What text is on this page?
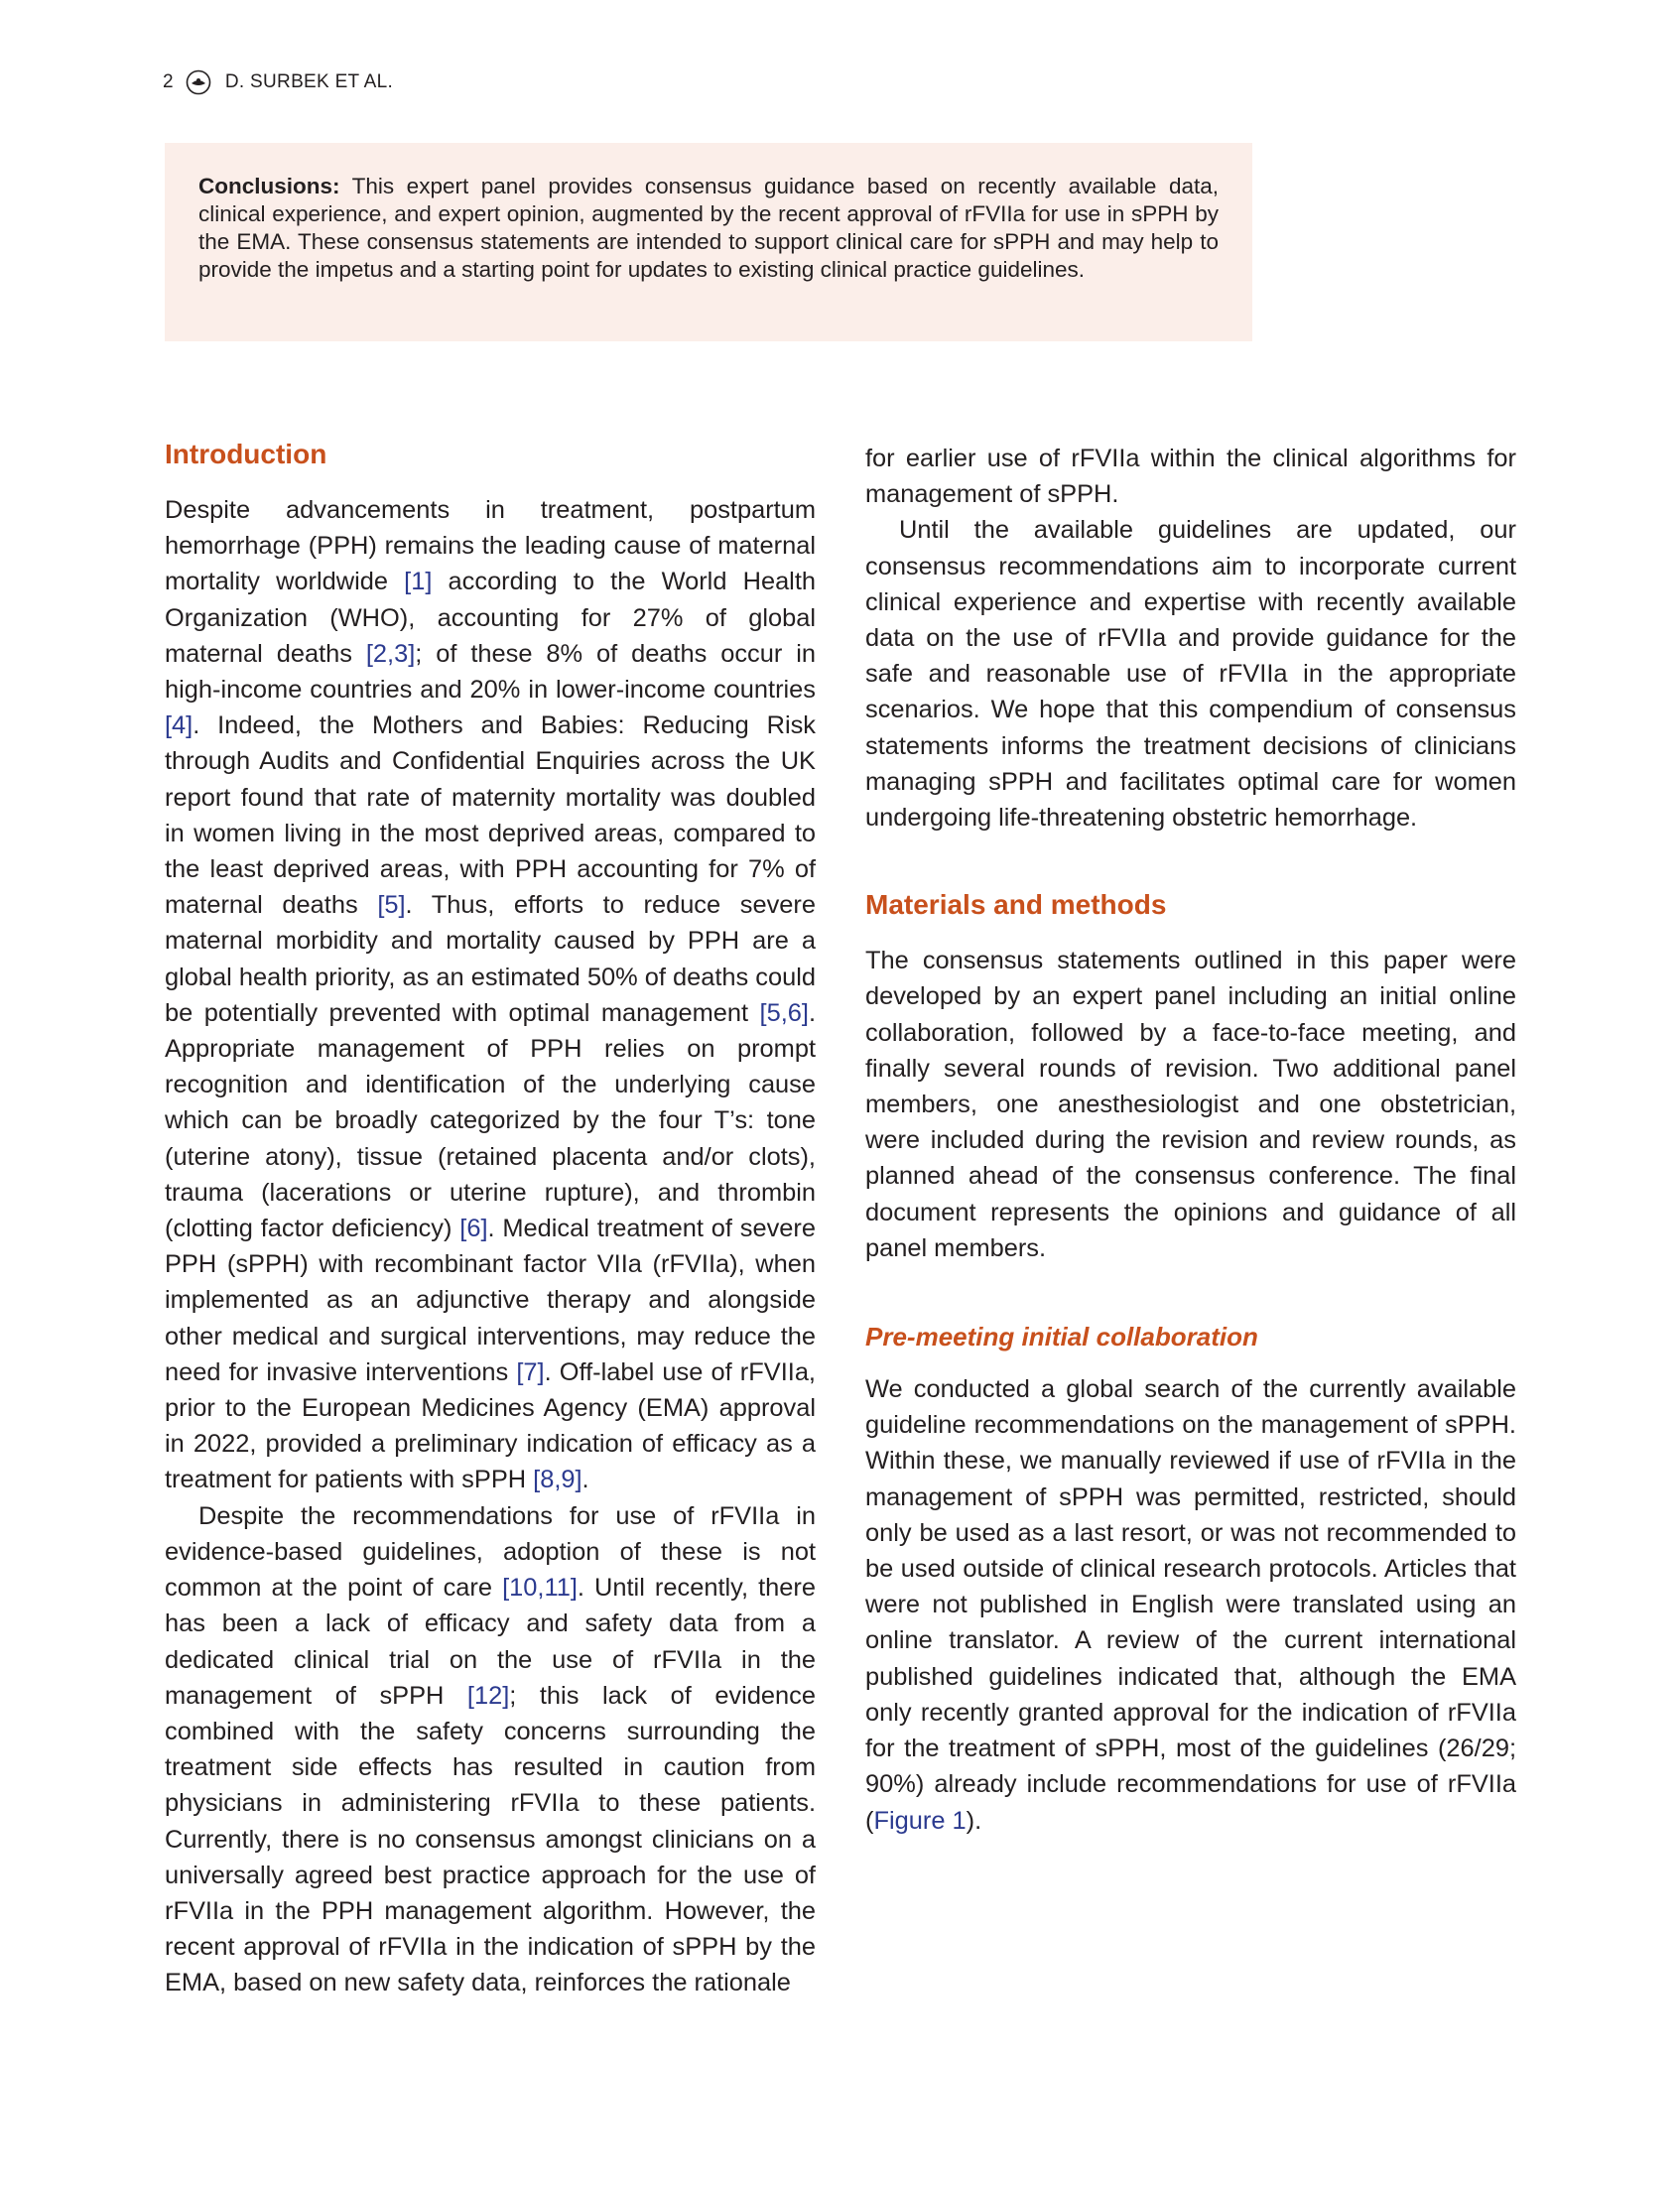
2	D. SURBEK ET AL.

Conclusions: This expert panel provides consensus guidance based on recently available data, clinical experience, and expert opinion, augmented by the recent approval of rFVIIa for use in sPPH by the EMA. These consensus statements are intended to support clinical care for sPPH and may help to provide the impetus and a starting point for updates to existing clinical practice guidelines.

Introduction

Despite advancements in treatment, postpartum hemorrhage (PPH) remains the leading cause of maternal mortality worldwide [1] according to the World Health Organization (WHO), accounting for 27% of global maternal deaths [2,3]; of these 8% of deaths occur in high-income countries and 20% in lower-income countries [4]. Indeed, the Mothers and Babies: Reducing Risk through Audits and Confidential Enquiries across the UK report found that rate of maternity mortality was doubled in women living in the most deprived areas, compared to the least deprived areas, with PPH accounting for 7% of maternal deaths [5]. Thus, efforts to reduce severe maternal morbidity and mortality caused by PPH are a global health priority, as an estimated 50% of deaths could be potentially prevented with optimal management [5,6]. Appropriate management of PPH relies on prompt recognition and identification of the underlying cause which can be broadly categorized by the four T’s: tone (uterine atony), tissue (retained placenta and/or clots), trauma (lacerations or uterine rupture), and thrombin (clotting factor deficiency) [6]. Medical treatment of severe PPH (sPPH) with recombinant factor VIIa (rFVIIa), when implemented as an adjunctive therapy and alongside other medical and surgical interventions, may reduce the need for invasive interventions [7]. Off-label use of rFVIIa, prior to the European Medicines Agency (EMA) approval in 2022, provided a preliminary indication of efficacy as a treatment for patients with sPPH [8,9].

Despite the recommendations for use of rFVIIa in evidence-based guidelines, adoption of these is not common at the point of care [10,11]. Until recently, there has been a lack of efficacy and safety data from a dedicated clinical trial on the use of rFVIIa in the management of sPPH [12]; this lack of evidence combined with the safety concerns surrounding the treatment side effects has resulted in caution from physicians in administering rFVIIa to these patients. Currently, there is no consensus amongst clinicians on a universally agreed best practice approach for the use of rFVIIa in the PPH management algorithm. However, the recent approval of rFVIIa in the indication of sPPH by the EMA, based on new safety data, reinforces the rationale

for earlier use of rFVIIa within the clinical algorithms for management of sPPH.

Until the available guidelines are updated, our consensus recommendations aim to incorporate current clinical experience and expertise with recently available data on the use of rFVIIa and provide guidance for the safe and reasonable use of rFVIIa in the appropriate scenarios. We hope that this compendium of consensus statements informs the treatment decisions of clinicians managing sPPH and facilitates optimal care for women undergoing life-threatening obstetric hemorrhage.

Materials and methods

The consensus statements outlined in this paper were developed by an expert panel including an initial online collaboration, followed by a face-to-face meeting, and finally several rounds of revision. Two additional panel members, one anesthesiologist and one obstetrician, were included during the revision and review rounds, as planned ahead of the consensus conference. The final document represents the opinions and guidance of all panel members.

Pre-meeting initial collaboration

We conducted a global search of the currently available guideline recommendations on the management of sPPH. Within these, we manually reviewed if use of rFVIIa in the management of sPPH was permitted, restricted, should only be used as a last resort, or was not recommended to be used outside of clinical research protocols. Articles that were not published in English were translated using an online translator. A review of the current international published guidelines indicated that, although the EMA only recently granted approval for the indication of rFVIIa for the treatment of sPPH, most of the guidelines (26/29; 90%) already include recommendations for use of rFVIIa (Figure 1).
